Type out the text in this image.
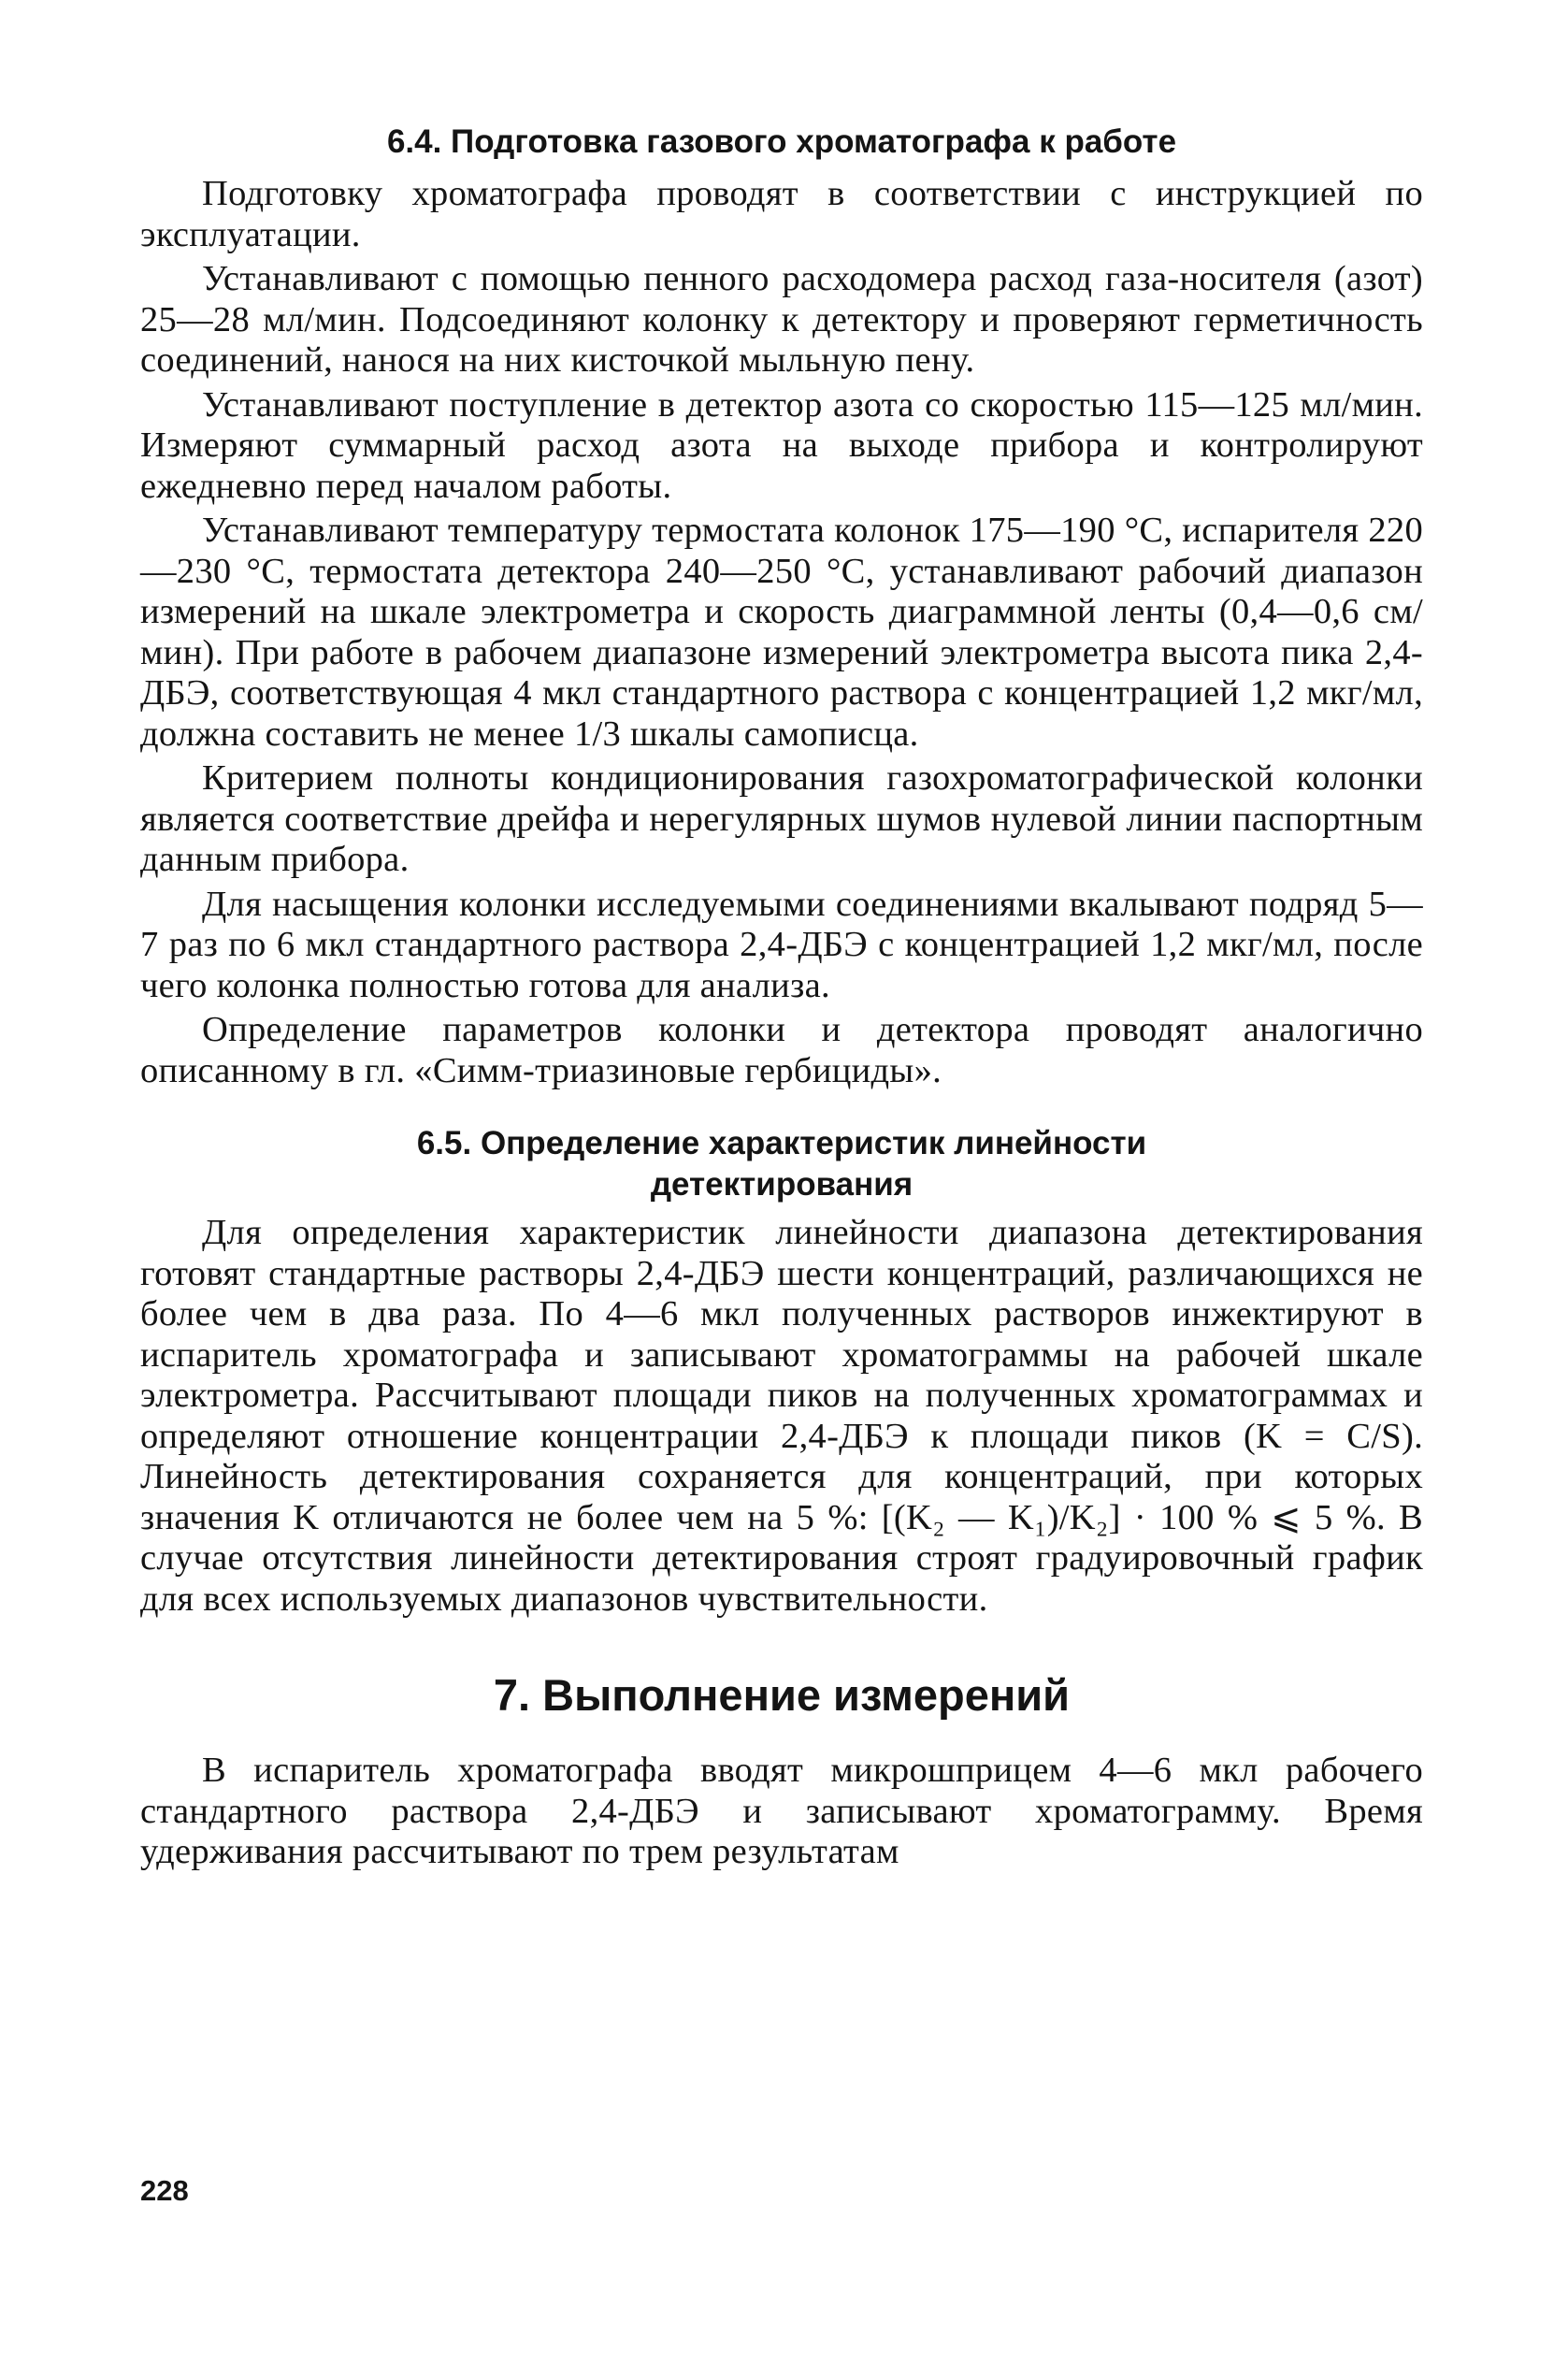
6.4. Подготовка газового хроматографа к работе

Подготовку хроматографа проводят в соответствии с инструкцией по эксплуатации.

Устанавливают с помощью пенного расходомера расход газа-носителя (азот) 25—28 мл/мин. Подсоединяют колонку к детектору и проверяют герметичность соединений, нанося на них кисточкой мыльную пену.

Устанавливают поступление в детектор азота со скоростью 115—125 мл/мин. Измеряют суммарный расход азота на выходе прибора и контролируют ежедневно перед началом работы.

Устанавливают температуру термостата колонок 175—190 °С, испарителя 220—230 °С, термостата детектора 240—250 °С, устанавливают рабочий диапазон измерений на шкале электрометра и скорость диаграммной ленты (0,4—0,6 см/мин). При работе в рабочем диапазоне измерений электрометра высота пика 2,4-ДБЭ, соответствующая 4 мкл стандартного раствора с концентрацией 1,2 мкг/мл, должна составить не менее 1/3 шкалы самописца.

Критерием полноты кондиционирования газохроматографической колонки является соответствие дрейфа и нерегулярных шумов нулевой линии паспортным данным прибора.

Для насыщения колонки исследуемыми соединениями вкалывают подряд 5—7 раз по 6 мкл стандартного раствора 2,4-ДБЭ с концентрацией 1,2 мкг/мл, после чего колонка полностью готова для анализа.

Определение параметров колонки и детектора проводят аналогично описанному в гл. «Симм-триазиновые гербициды».

6.5. Определение характеристик линейности
детектирования

Для определения характеристик линейности диапазона детектирования готовят стандартные растворы 2,4-ДБЭ шести концентраций, различающихся не более чем в два раза. По 4—6 мкл полученных растворов инжектируют в испаритель хроматографа и записывают хроматограммы на рабочей шкале электрометра. Рассчитывают площади пиков на полученных хроматограммах и определяют отношение концентрации 2,4-ДБЭ к площади пиков (K = C/S). Линейность детектирования сохраняется для концентраций, при которых значения K отличаются не более чем на 5 %: [(K₂ — K₁)/K₂] · 100 % ⩽ 5 %. В случае отсутствия линейности детектирования строят градуировочный график для всех используемых диапазонов чувствительности.

7. Выполнение измерений

В испаритель хроматографа вводят микрошприцем 4—6 мкл рабочего стандартного раствора 2,4-ДБЭ и записывают хроматограмму. Время удерживания рассчитывают по трем результатам

228
